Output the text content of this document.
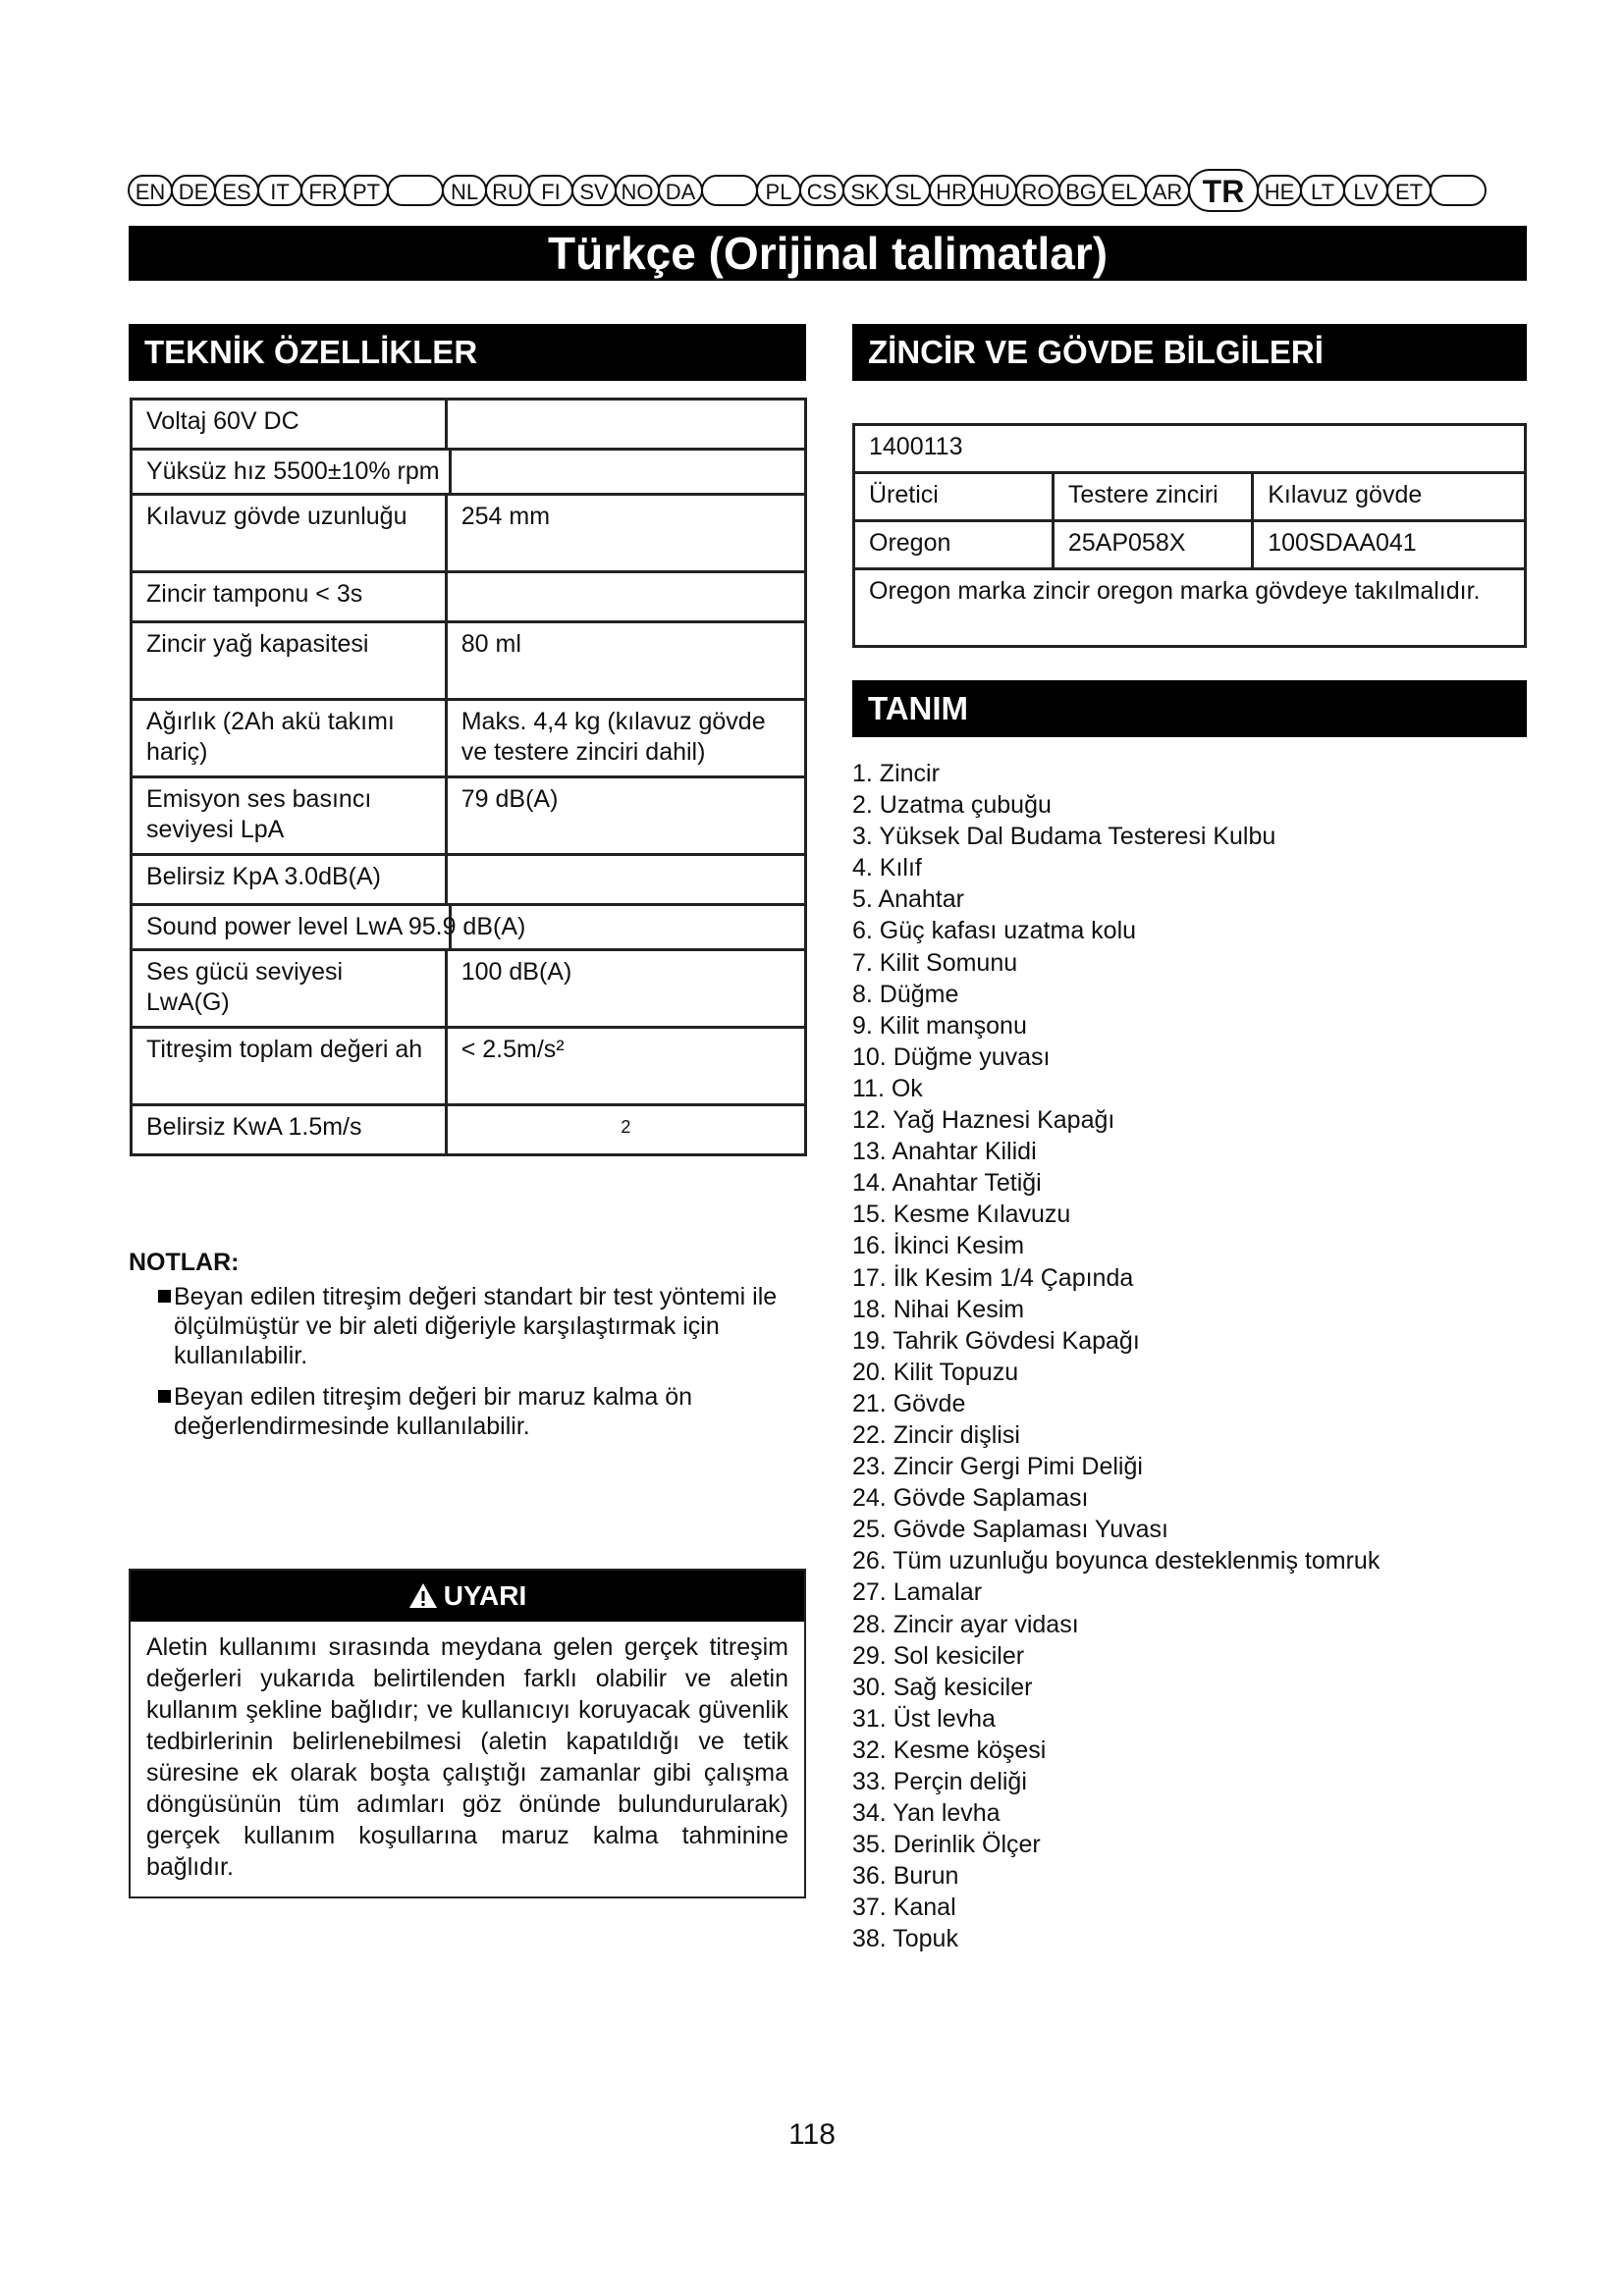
EN DE ES IT FR PT	NL RU FI SV NO DA	PL CS SK SL HR HU RO BG EL AR TR HE LT LV ET
Türkçe (Orijinal talimatlar)
TEKNİK ÖZELLİKLER
Voltaj 60V DC	

Yüksüz hız 5500±10% rpm	

Kılavuz gövde uzunluğu	254 mm
Zincir tamponu < 3s	
Zincir yağ kapasitesi	80 ml
Ağırlık (2Ah akü takımı hariç)	Maks. 4,4 kg (kılavuz gövde ve testere zinciri dahil)
Emisyon ses basıncı seviyesi LpA	79 dB(A)
Belirsiz KpA 3.0dB(A)	

Sound power level LwA 95.9 dB(A)	

Ses gücü seviyesi LwA(G)	100 dB(A)
Titreşim toplam değeri ah	< 2.5m/s²
Belirsiz KwA 1.5m/s	2
ZİNCİR VE GÖVDE BİLGİLERİ
1400113		
Üretici	Testere zinciri	Kılavuz gövde
Oregon	25AP058X	100SDAA041
Oregon marka zincir oregon marka gövdeye takılmalıdır.		
TANIM
1. Zincir
2. Uzatma çubuğu
3. Yüksek Dal Budama Testeresi Kulbu
4. Kılıf
5. Anahtar
6. Güç kafası uzatma kolu
7. Kilit Somunu
8. Düğme
9. Kilit manşonu
10. Düğme yuvası
11. Ok
12. Yağ Haznesi Kapağı
13. Anahtar Kilidi
14. Anahtar Tetiği
15. Kesme Kılavuzu
16. İkinci Kesim
17. İlk Kesim 1/4 Çapında
18. Nihai Kesim
19. Tahrik Gövdesi Kapağı
20. Kilit Topuzu
21. Gövde
22. Zincir dişlisi
23. Zincir Gergi Pimi Deliği
24. Gövde Saplaması
25. Gövde Saplaması Yuvası
26. Tüm uzunluğu boyunca desteklenmiş tomruk
27. Lamalar
28. Zincir ayar vidası
29. Sol kesiciler
30. Sağ kesiciler
31. Üst levha
32. Kesme köşesi
33. Perçin deliği
34. Yan levha
35. Derinlik Ölçer
36. Burun
37. Kanal
38. Topuk
NOTLAR:
Beyan edilen titreşim değeri standart bir test yöntemi ile ölçülmüştür ve bir aleti diğeriyle karşılaştırmak için kullanılabilir.
Beyan edilen titreşim değeri bir maruz kalma ön değerlendirmesinde kullanılabilir.
UYARI
Aletin kullanımı sırasında meydana gelen gerçek titreşim değerleri yukarıda belirtilenden farklı olabilir ve aletin kullanım şekline bağlıdır; ve kullanıcıyı koruyacak güvenlik tedbirlerinin belirlenebilmesi (aletin kapatıldığı ve tetik süresine ek olarak boşta çalıştığı zamanlar gibi çalışma döngüsünün tüm adımları göz önünde bulundurularak) gerçek kullanım koşullarına maruz kalma tahminine bağlıdır.
118
